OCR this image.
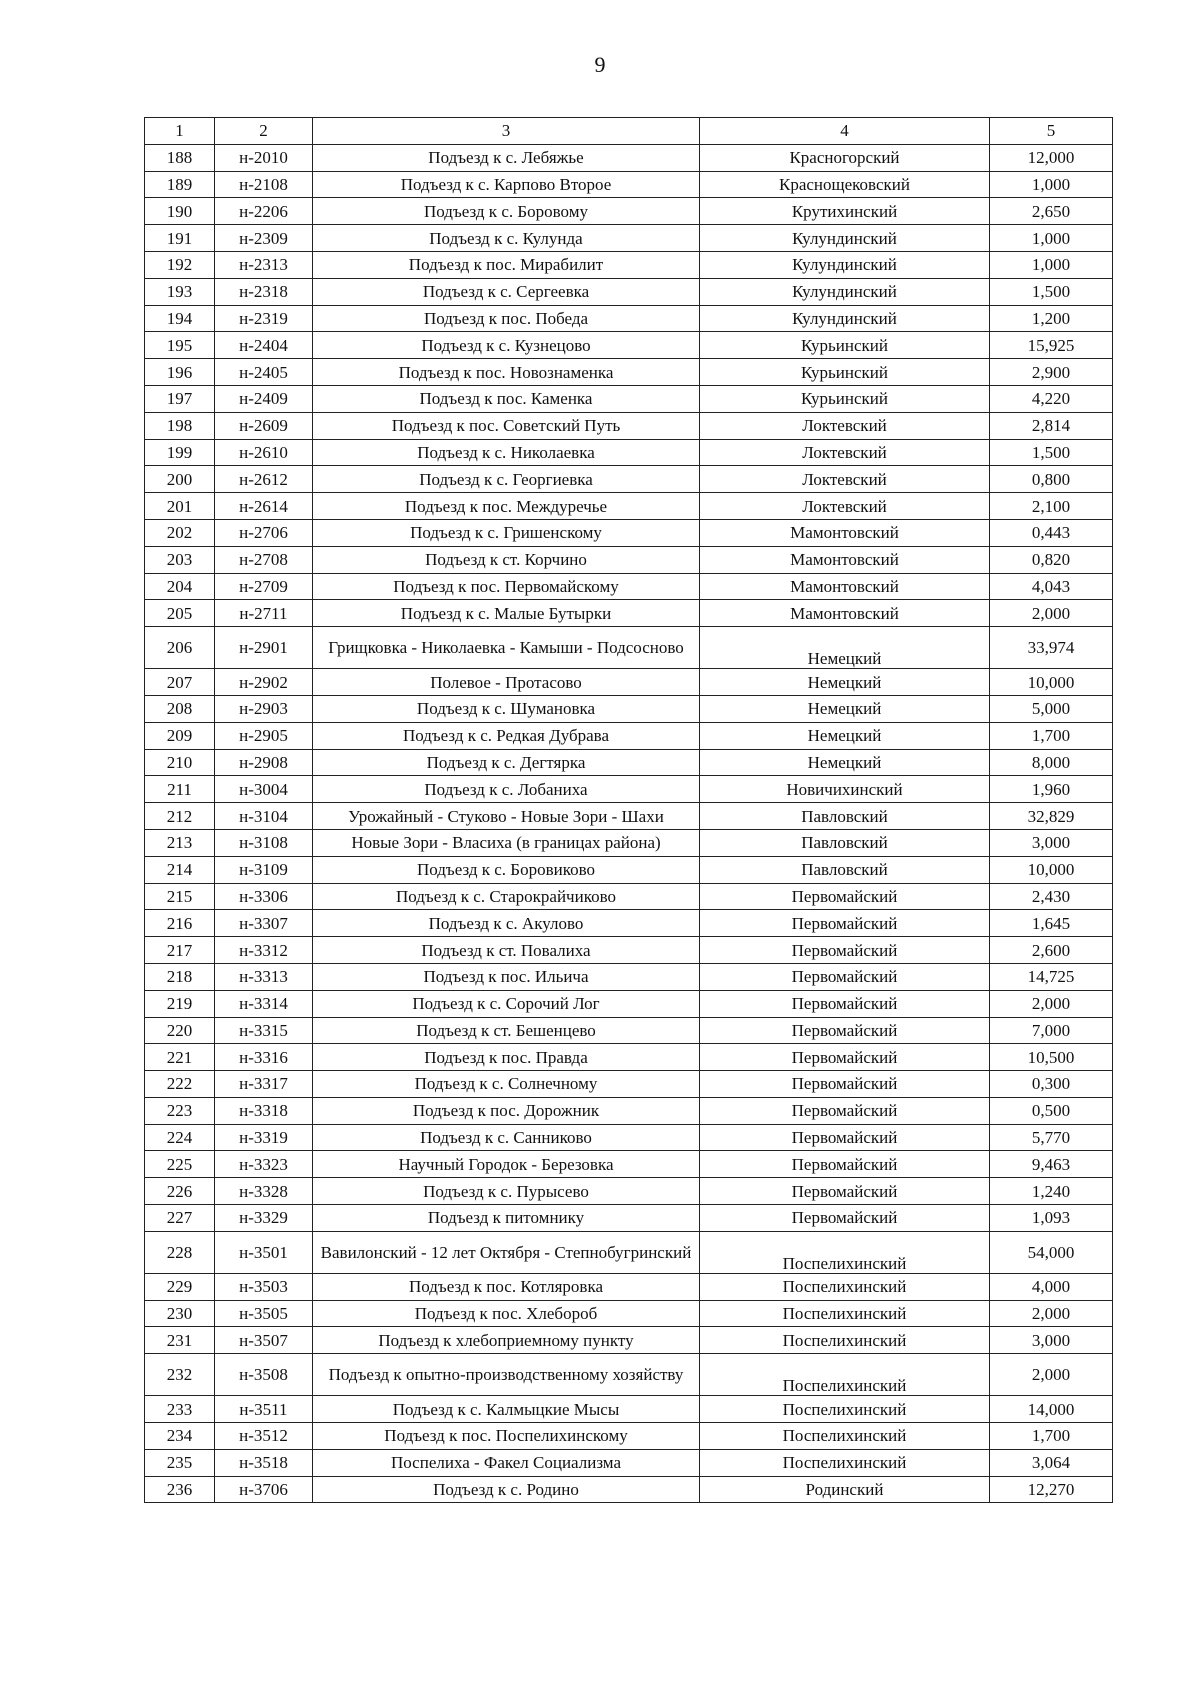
9
1	2	3	4	5
188	н-2010	Подъезд к с. Лебяжье	Красногорский	12,000
189	н-2108	Подъезд к с. Карпово Второе	Краснощековский	1,000
190	н-2206	Подъезд к с. Боровому	Крутихинский	2,650
191	н-2309	Подъезд к с. Кулунда	Кулундинский	1,000
192	н-2313	Подъезд к пос. Мирабилит	Кулундинский	1,000
193	н-2318	Подъезд к с. Сергеевка	Кулундинский	1,500
194	н-2319	Подъезд к пос. Победа	Кулундинский	1,200
195	н-2404	Подъезд к с. Кузнецово	Курьинский	15,925
196	н-2405	Подъезд к пос. Новознаменка	Курьинский	2,900
197	н-2409	Подъезд к пос. Каменка	Курьинский	4,220
198	н-2609	Подъезд к пос. Советский Путь	Локтевский	2,814
199	н-2610	Подъезд к с. Николаевка	Локтевский	1,500
200	н-2612	Подъезд к с. Георгиевка	Локтевский	0,800
201	н-2614	Подъезд к пос. Междуречье	Локтевский	2,100
202	н-2706	Подъезд к с. Гришенскому	Мамонтовский	0,443
203	н-2708	Подъезд к ст. Корчино	Мамонтовский	0,820
204	н-2709	Подъезд к пос. Первомайскому	Мамонтовский	4,043
205	н-2711	Подъезд к с. Малые Бутырки	Мамонтовский	2,000
206	н-2901	Грищковка - Николаевка - Камыши - Подсосново	Немецкий	33,974
207	н-2902	Полевое - Протасово	Немецкий	10,000
208	н-2903	Подъезд к с. Шумановка	Немецкий	5,000
209	н-2905	Подъезд к с. Редкая Дубрава	Немецкий	1,700
210	н-2908	Подъезд к с. Дегтярка	Немецкий	8,000
211	н-3004	Подъезд к с. Лобаниха	Новичихинский	1,960
212	н-3104	Урожайный - Стуково - Новые Зори - Шахи	Павловский	32,829
213	н-3108	Новые Зори - Власиха (в границах района)	Павловский	3,000
214	н-3109	Подъезд к с. Боровиково	Павловский	10,000
215	н-3306	Подъезд к с. Старокрайчиково	Первомайский	2,430
216	н-3307	Подъезд к с. Акулово	Первомайский	1,645
217	н-3312	Подъезд к ст. Повалиха	Первомайский	2,600
218	н-3313	Подъезд к пос. Ильича	Первомайский	14,725
219	н-3314	Подъезд к с. Сорочий Лог	Первомайский	2,000
220	н-3315	Подъезд к ст. Бешенцево	Первомайский	7,000
221	н-3316	Подъезд к пос. Правда	Первомайский	10,500
222	н-3317	Подъезд к с. Солнечному	Первомайский	0,300
223	н-3318	Подъезд к пос. Дорожник	Первомайский	0,500
224	н-3319	Подъезд к с. Санниково	Первомайский	5,770
225	н-3323	Научный Городок - Березовка	Первомайский	9,463
226	н-3328	Подъезд к с. Пурысево	Первомайский	1,240
227	н-3329	Подъезд к питомнику	Первомайский	1,093
228	н-3501	Вавилонский - 12 лет Октября - Степнобугринский	Поспелихинский	54,000
229	н-3503	Подъезд к пос. Котляровка	Поспелихинский	4,000
230	н-3505	Подъезд к пос. Хлебороб	Поспелихинский	2,000
231	н-3507	Подъезд к хлебоприемному пункту	Поспелихинский	3,000
232	н-3508	Подъезд к опытно-производственному хозяйству	Поспелихинский	2,000
233	н-3511	Подъезд к с. Калмыцкие Мысы	Поспелихинский	14,000
234	н-3512	Подъезд к пос. Поспелихинскому	Поспелихинский	1,700
235	н-3518	Поспелиха - Факел Социализма	Поспелихинский	3,064
236	н-3706	Подъезд к с. Родино	Родинский	12,270
